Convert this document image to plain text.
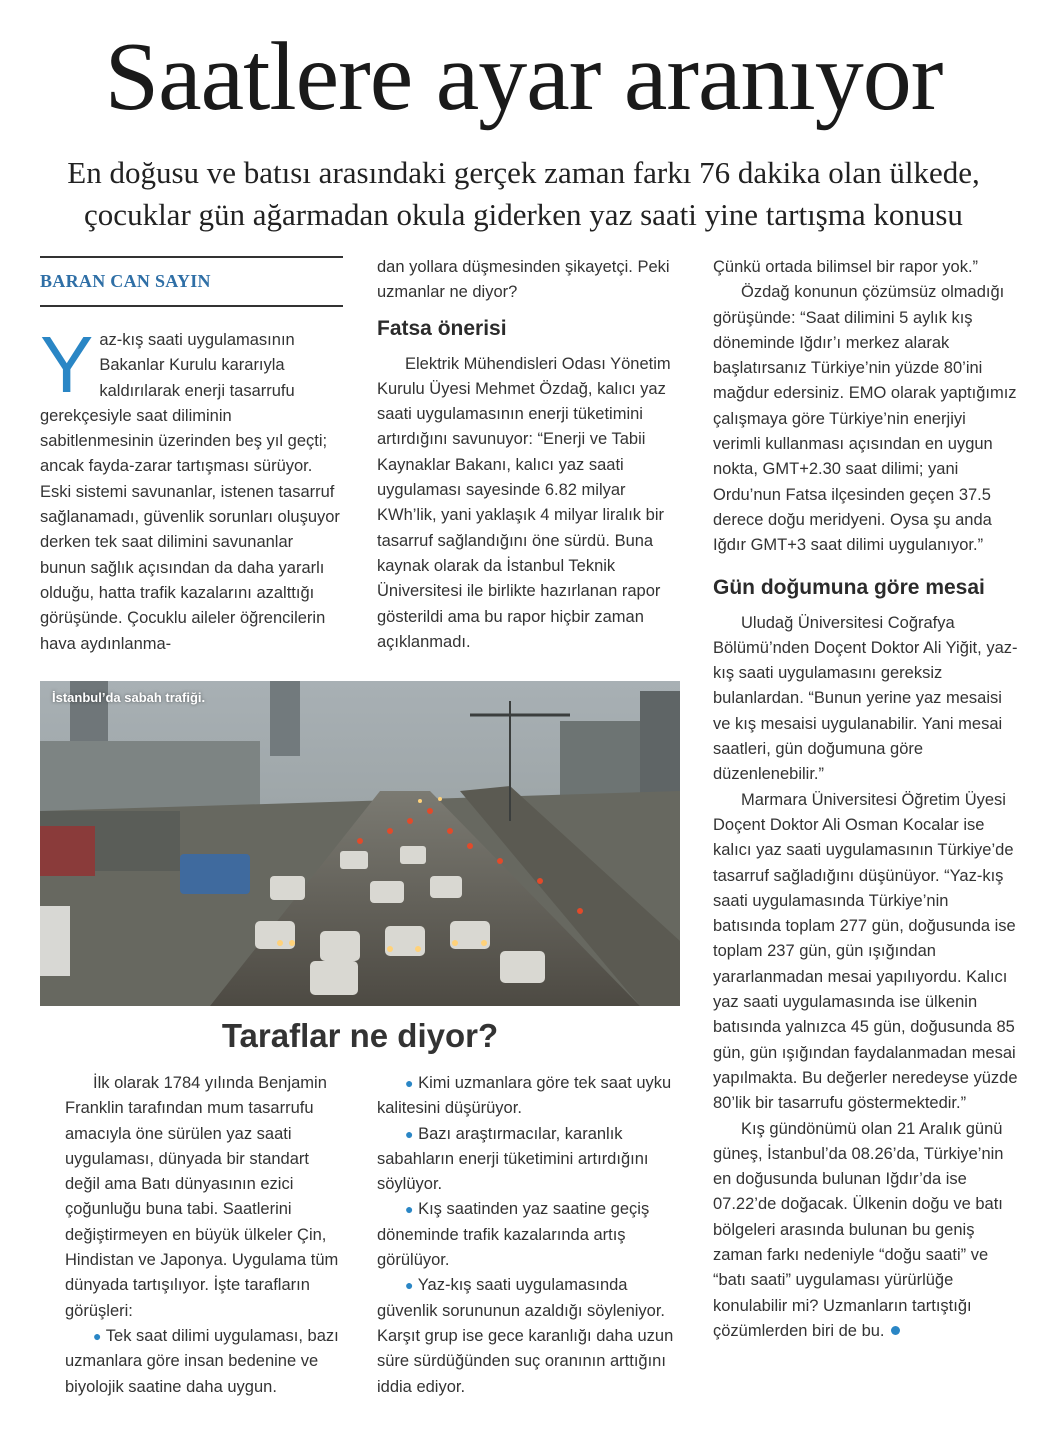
Saatlere ayar aranıyor
En doğusu ve batısı arasındaki gerçek zaman farkı 76 dakika olan ülkede,
çocuklar gün ağarmadan okula giderken yaz saati yine tartışma konusu
BARAN CAN SAYIN

Yaz-kış saati uygulamasının Bakanlar Kurulu kararıyla kaldırılarak enerji tasarrufu gerekçesiyle saat diliminin sabitlenmesinin üzerinden beş yıl geçti; ancak fayda-zarar tartışması sürüyor. Eski sistemi savunanlar, istenen tasarruf sağlanamadı, güvenlik sorunları oluşuyor derken tek saat dilimini savunanlar bunun sağlık açısından da daha yararlı olduğu, hatta trafik kazalarını azalttığı görüşünde. Çocuklu aileler öğrencilerin hava aydınlanma-

dan yollara düşmesinden şikayetçi. Peki uzmanlar ne diyor?

Fatsa önerisi

Elektrik Mühendisleri Odası Yönetim Kurulu Üyesi Mehmet Özdağ, kalıcı yaz saati uygulamasının enerji tüketimini artırdığını savunuyor: “Enerji ve Tabii Kaynaklar Bakanı, kalıcı yaz saati uygulaması sayesinde 6.82 milyar KWh’lik, yani yaklaşık 4 milyar liralık bir tasarruf sağlandığını öne sürdü. Buna kaynak olarak da İstanbul Teknik Üniversitesi ile birlikte hazırlanan rapor gösterildi ama bu rapor hiçbir zaman açıklanmadı.

Çünkü ortada bilimsel bir rapor yok.”

Özdağ konunun çözümsüz olmadığı görüşünde: “Saat dilimini 5 aylık kış döneminde Iğdır’ı merkez alarak başlatırsanız Türkiye’nin yüzde 80’ini mağdur edersiniz. EMO olarak yaptığımız çalışmaya göre Türkiye’nin enerjiyi verimli kullanması açısından en uygun nokta, GMT+2.30 saat dilimi; yani Ordu’nun Fatsa ilçesinden geçen 37.5 derece doğu meridyeni. Oysa şu anda Iğdır GMT+3 saat dilimi uygulanıyor.”

Gün doğumuna göre mesai

Uludağ Üniversitesi Coğrafya Bölümü’nden Doçent Doktor Ali Yiğit, yaz-kış saati uygulamasını gereksiz bulanlardan. “Bunun yerine yaz mesaisi ve kış mesaisi uygulanabilir. Yani mesai saatleri, gün doğumuna göre düzenlenebilir.”

Marmara Üniversitesi Öğretim Üyesi Doçent Doktor Ali Osman Kocalar ise kalıcı yaz saati uygulamasının Türkiye’de tasarruf sağladığını düşünüyor. “Yaz-kış saati uygulamasında Türkiye’nin batısında toplam 277 gün, doğusunda ise toplam 237 gün, gün ışığından yararlanmadan mesai yapılıyordu. Kalıcı yaz saati uygulamasında ise ülkenin batısında yalnızca 45 gün, doğusunda 85 gün, gün ışığından faydalanmadan mesai yapılmakta. Bu değerler neredeyse yüzde 80’lik bir tasarrufu göstermektedir.”

Kış gündönümü olan 21 Aralık günü güneş, İstanbul’da 08.26’da, Türkiye’nin en doğusunda bulunan Iğdır’da ise 07.22’de doğacak. Ülkenin doğu ve batı bölgeleri arasında bulunan bu geniş zaman farkı nedeniyle “doğu saati” ve “batı saati” uygulaması yürürlüğe konulabilir mi? Uzmanların tartıştığı çözümlerden biri de bu.

İstanbul’da sabah trafiği.
Taraflar ne diyor?

İlk olarak 1784 yılında Benjamin Franklin tarafından mum tasarrufu amacıyla öne sürülen yaz saati uygulaması, dünyada bir standart değil ama Batı dünyasının ezici çoğunluğu buna tabi. Saatlerini değiştirmeyen en büyük ülkeler Çin, Hindistan ve Japonya. Uygulama tüm dünyada tartışılıyor. İşte tarafların görüşleri:

● Tek saat dilimi uygulaması, bazı uzmanlara göre insan bedenine ve biyolojik saatine daha uygun.

● Kimi uzmanlara göre tek saat uyku kalitesini düşürüyor.

● Bazı araştırmacılar, karanlık sabahların enerji tüketimini artırdığını söylüyor.

● Kış saatinden yaz saatine geçiş döneminde trafik kazalarında artış görülüyor.

● Yaz-kış saati uygulamasında güvenlik sorununun azaldığı söyleniyor. Karşıt grup ise gece karanlığı daha uzun süre sürdüğünden suç oranının arttığını iddia ediyor.
